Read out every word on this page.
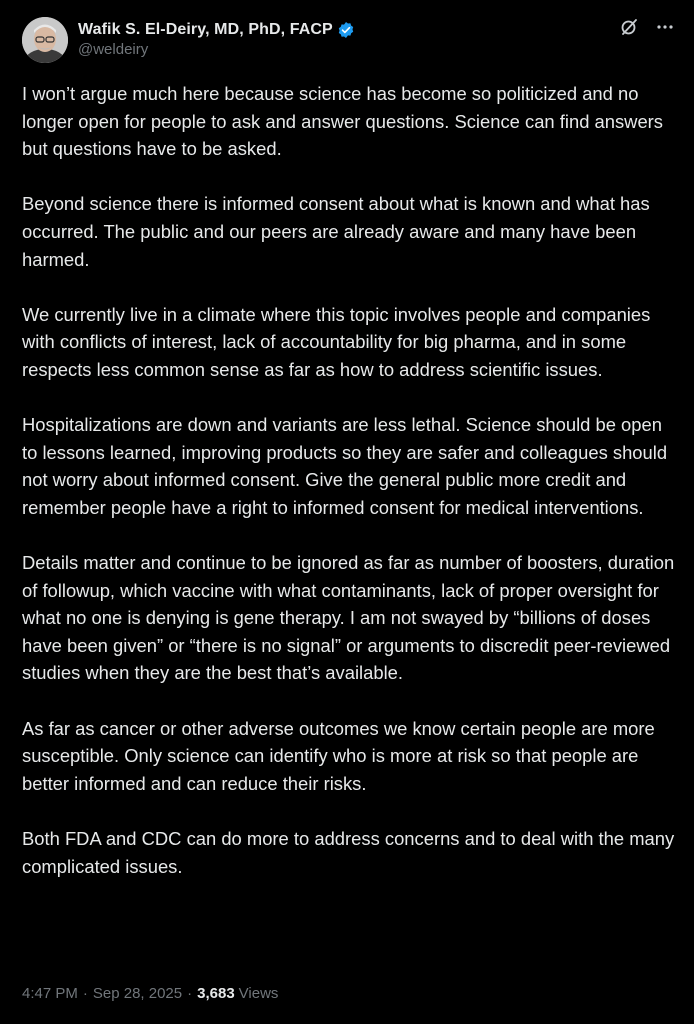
Wafik S. El-Deiry, MD, PhD, FACP
@weldeiry

I won’t argue much here because science has become so politicized and no longer open for people to ask and answer questions. Science can find answers but questions have to be asked.

Beyond science there is informed consent about what is known and what has occurred. The public and our peers are already aware and many have been harmed.

We currently live in a climate where this topic involves people and companies with conflicts of interest, lack of accountability for big pharma, and in some respects less common sense as far as how to address scientific issues.

Hospitalizations are down and variants are less lethal. Science should be open to lessons learned, improving products so they are safer and colleagues should not worry about informed consent. Give the general public more credit and remember people have a right to informed consent for medical interventions.

Details matter and continue to be ignored as far as number of boosters, duration of followup, which vaccine with what contaminants, lack of proper oversight for what no one is denying is gene therapy. I am not swayed by “billions of doses have been given” or “there is no signal” or arguments to discredit peer-reviewed studies when they are the best that’s available.

As far as cancer or other adverse outcomes we know certain people are more susceptible. Only science can identify who is more at risk so that people are better informed and can reduce their risks.

Both FDA and CDC can do more to address concerns and to deal with the many complicated issues.

4:47 PM · Sep 28, 2025 · 3,683 Views
